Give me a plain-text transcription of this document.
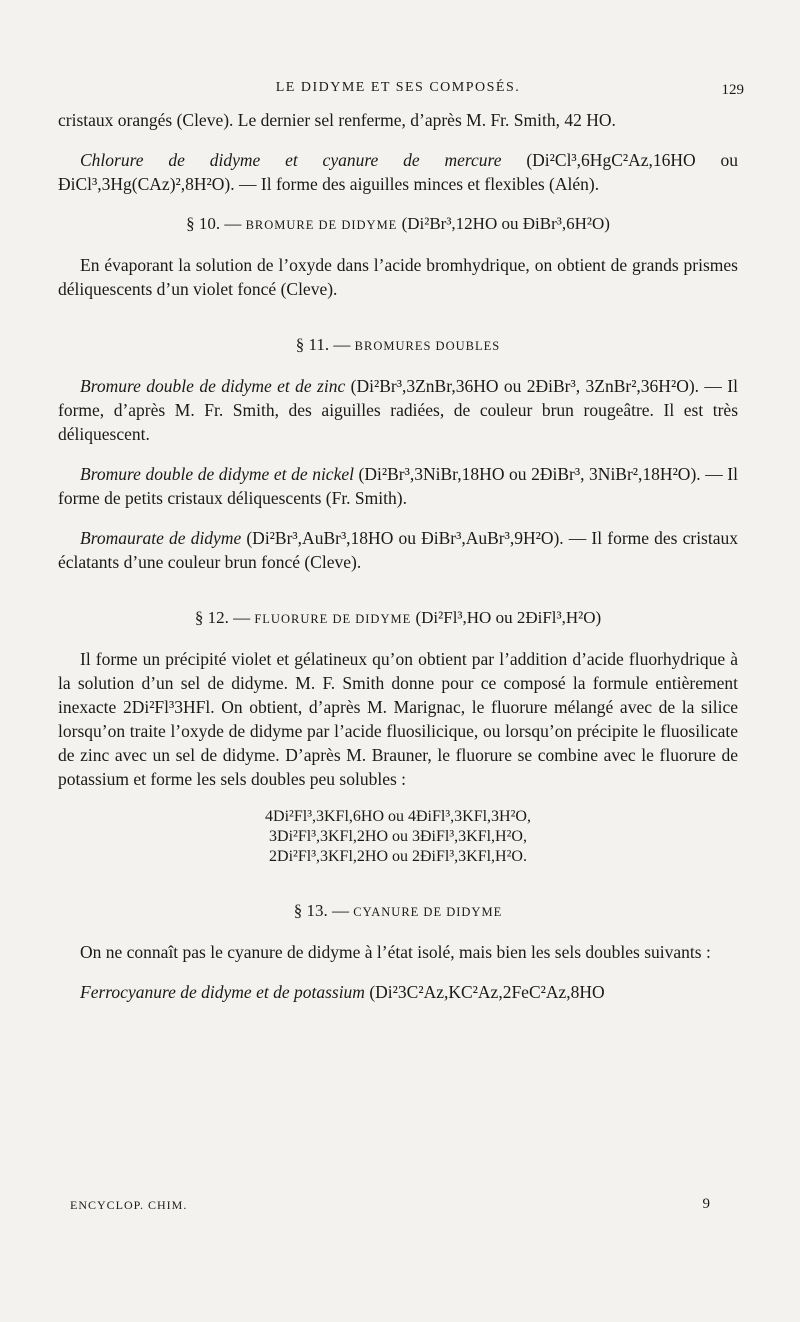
LE DIDYME ET SES COMPOSÉS.	129

cristaux orangés (Cleve). Le dernier sel renferme, d’après M. Fr. Smith, 42 HO.

Chlorure de didyme et cyanure de mercure (Di²Cl³,6HgC²Az,16HO ou ĐiCl³,3Hg(CAz)²,8H²O). — Il forme des aiguilles minces et flexibles (Alén).

§ 10. — BROMURE DE DIDYME (Di²Br³,12HO ou ĐiBr³,6H²O)

En évaporant la solution de l’oxyde dans l’acide bromhydrique, on obtient de grands prismes déliquescents d’un violet foncé (Cleve).

§ 11. — BROMURES DOUBLES

Bromure double de didyme et de zinc (Di²Br³,3ZnBr,36HO ou 2ĐiBr³, 3ZnBr²,36H²O). — Il forme, d’après M. Fr. Smith, des aiguilles radiées, de couleur brun rougeâtre. Il est très déliquescent.

Bromure double de didyme et de nickel (Di²Br³,3NiBr,18HO ou 2ĐiBr³, 3NiBr²,18H²O). — Il forme de petits cristaux déliquescents (Fr. Smith).

Bromaurate de didyme (Di²Br³,AuBr³,18HO ou ĐiBr³,AuBr³,9H²O). — Il forme des cristaux éclatants d’une couleur brun foncé (Cleve).

§ 12. — FLUORURE DE DIDYME (Di²Fl³,HO ou 2ĐiFl³,H²O)

Il forme un précipité violet et gélatineux qu’on obtient par l’addition d’acide fluorhydrique à la solution d’un sel de didyme. M. F. Smith donne pour ce composé la formule entièrement inexacte 2Di²Fl³3HFl. On obtient, d’après M. Marignac, le fluorure mélangé avec de la silice lorsqu’on traite l’oxyde de didyme par l’acide fluosilicique, ou lorsqu’on précipite le fluosilicate de zinc avec un sel de didyme. D’après M. Brauner, le fluorure se combine avec le fluorure de potassium et forme les sels doubles peu solubles :

4Di²Fl³,3KFl,6HO ou 4ĐiFl³,3KFl,3H²O,
3Di²Fl³,3KFl,2HO ou 3ĐiFl³,3KFl,H²O,
2Di²Fl³,3KFl,2HO ou 2ĐiFl³,3KFl,H²O.
§ 13. — CYANURE DE DIDYME

On ne connaît pas le cyanure de didyme à l’état isolé, mais bien les sels doubles suivants :

Ferrocyanure de didyme et de potassium (Di²3C²Az,KC²Az,2FeC²Az,8HO

ENCYCLOP. CHIM.	9
